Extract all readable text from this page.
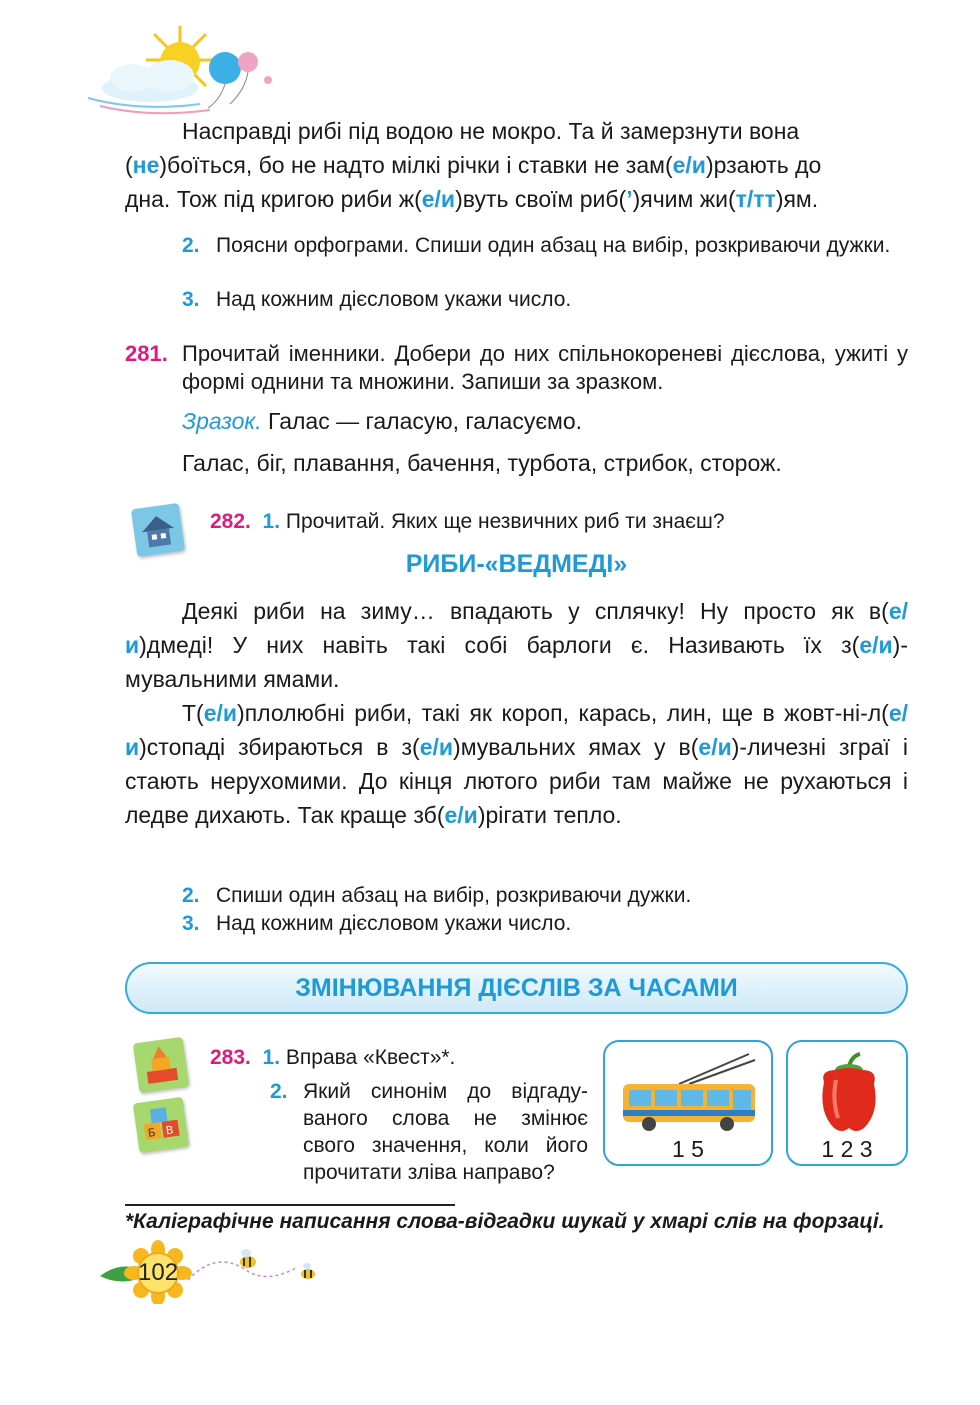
Насправді рибі під водою не мокро. Та й замерзнути вона
(не)боїться, бо не надто мілкі річки і ставки не зам(е/и)рзають до
дна. Тож під кригою риби ж(е/и)вуть своїм риб(’)ячим жи(т/тт)ям.
2. Поясни орфограми. Спиши один абзац на вибір, розкриваючи дужки.
3. Над кожним дієсловом укажи число.
281. Прочитай іменники. Добери до них спільнокореневі дієслова, ужиті у формі однини та множини. Запиши за зразком.
Зразок. Галас — галасую, галасуємо.
Галас, біг, плавання, бачення, турбота, стрибок, сторож.
282. 1. Прочитай. Яких ще незвичних риб ти знаєш?
РИБИ-«ВЕДМЕДІ»
Деякі риби на зиму… впадають у сплячку! Ну просто як в(е/и)дмеді! У них навіть такі собі барлоги є. Називають їх з(е/и)-мувальними ямами.
Т(е/и)плолюбні риби, такі як короп, карась, лин, ще в жовт-ні-л(е/и)стопаді збираються в з(е/и)мувальних ямах у в(е/и)-личезні зграї і стають нерухомими. До кінця лютого риби там майже не рухаються і ледве дихають. Так краще зб(е/и)рігати тепло.
2. Спиши один абзац на вибір, розкриваючи дужки.
3. Над кожним дієсловом укажи число.
ЗМІНЮВАННЯ ДІЄСЛІВ ЗА ЧАСАМИ
Б В
283. 1. Вправа «Квест»*.
2. Який синонім до відгаду-ваного слова не змінює свого значення, коли його прочитати зліва направо?
1 5	1 2 3
*Каліграфічне написання слова-відгадки шукай у хмарі слів на форзаці.
102
